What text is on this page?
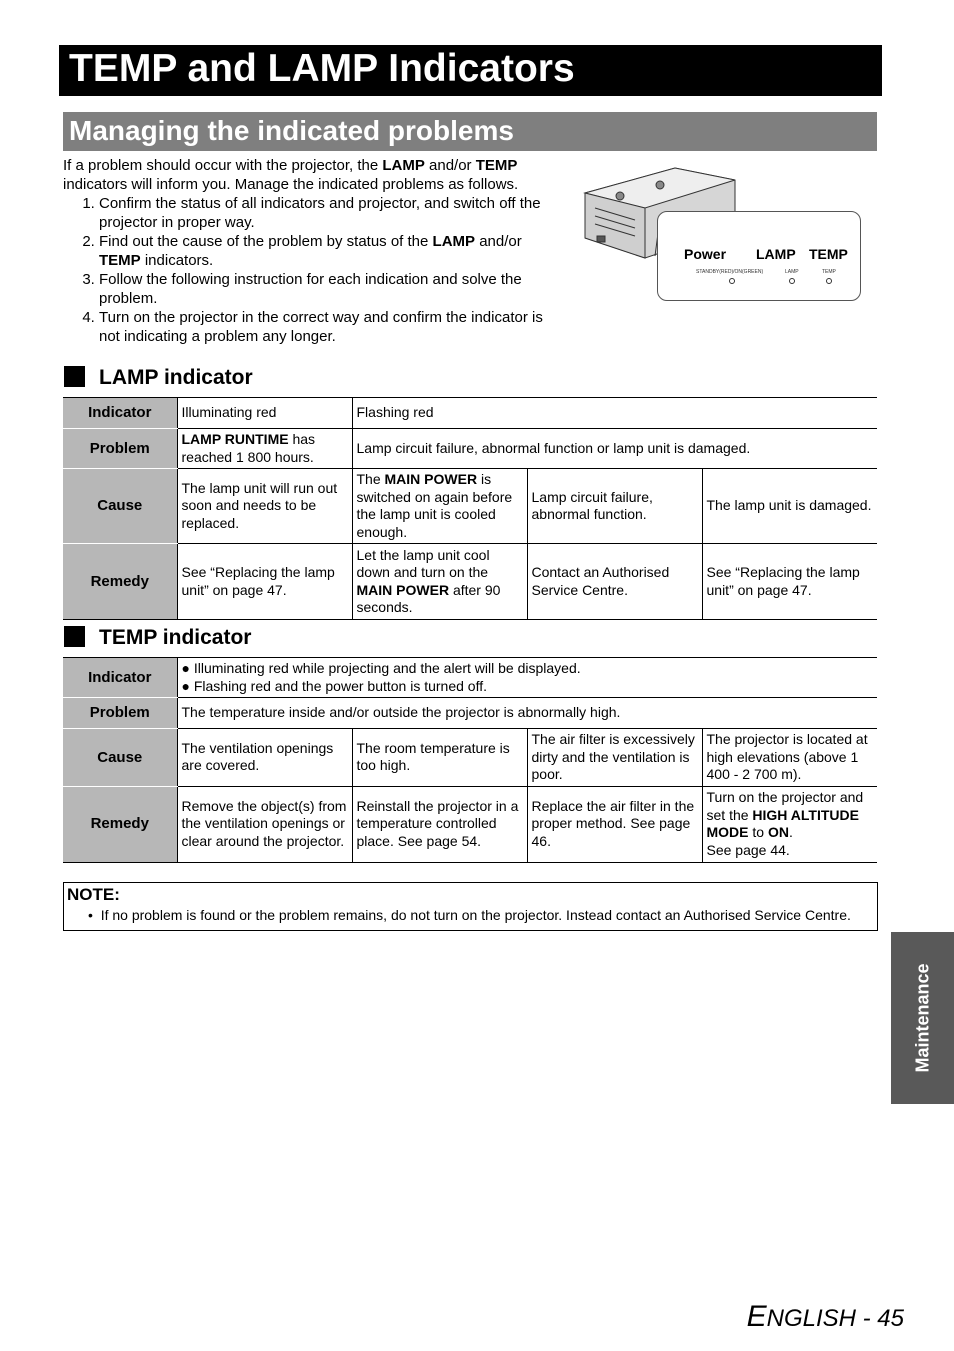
TEMP and LAMP Indicators
Managing the indicated problems

If a problem should occur with the projector, the LAMP and/or TEMP indicators will inform you. Manage the indicated problems as follows.

1. Confirm the status of all indicators and projector, and switch off the projector in proper way.
2. Find out the cause of the problem by status of the LAMP and/or TEMP indicators.
3. Follow the following instruction for each indication and solve the problem.
4. Turn on the projector in the correct way and confirm the indicator is not indicating a problem any longer.
Power LAMP TEMP
STANDBY(RED)/ON(GREEN)	LAMP	TEMP
LAMP indicator
Indicator	Illuminating red	Flashing red		
Problem	LAMP RUNTIME has reached 1 800 hours.	Lamp circuit failure, abnormal function or lamp unit is damaged.		
Cause	The lamp unit will run out soon and needs to be replaced.	The MAIN POWER is switched on again before the lamp unit is cooled enough.	Lamp circuit failure, abnormal function.	The lamp unit is damaged.
Remedy	See “Replacing the lamp unit” on page 47.	Let the lamp unit cool down and turn on the MAIN POWER after 90 seconds.	Contact an Authorised Service Centre.	See “Replacing the lamp unit” on page 47.
TEMP indicator
Indicator	● Illuminating red while projecting and the alert will be displayed.
● Flashing red and the power button is turned off.			

Problem	The temperature inside and/or outside the projector is abnormally high.			
Cause	The ventilation openings are covered.	The room temperature is too high.	The air filter is excessively dirty and the ventilation is poor.	The projector is located at high elevations (above 1 400 - 2 700 m).
Remedy	Remove the object(s) from the ventilation openings or clear around the projector.	Reinstall the projector in a temperature controlled place. See page 54.	Replace the air filter in the proper method. See page 46.	Turn on the projector and set the HIGH ALTITUDE MODE to ON.
See page 44.
NOTE:
•  If no problem is found or the problem remains, do not turn on the projector. Instead contact an Authorised Service Centre.
Maintenance
ENGLISH - 45
